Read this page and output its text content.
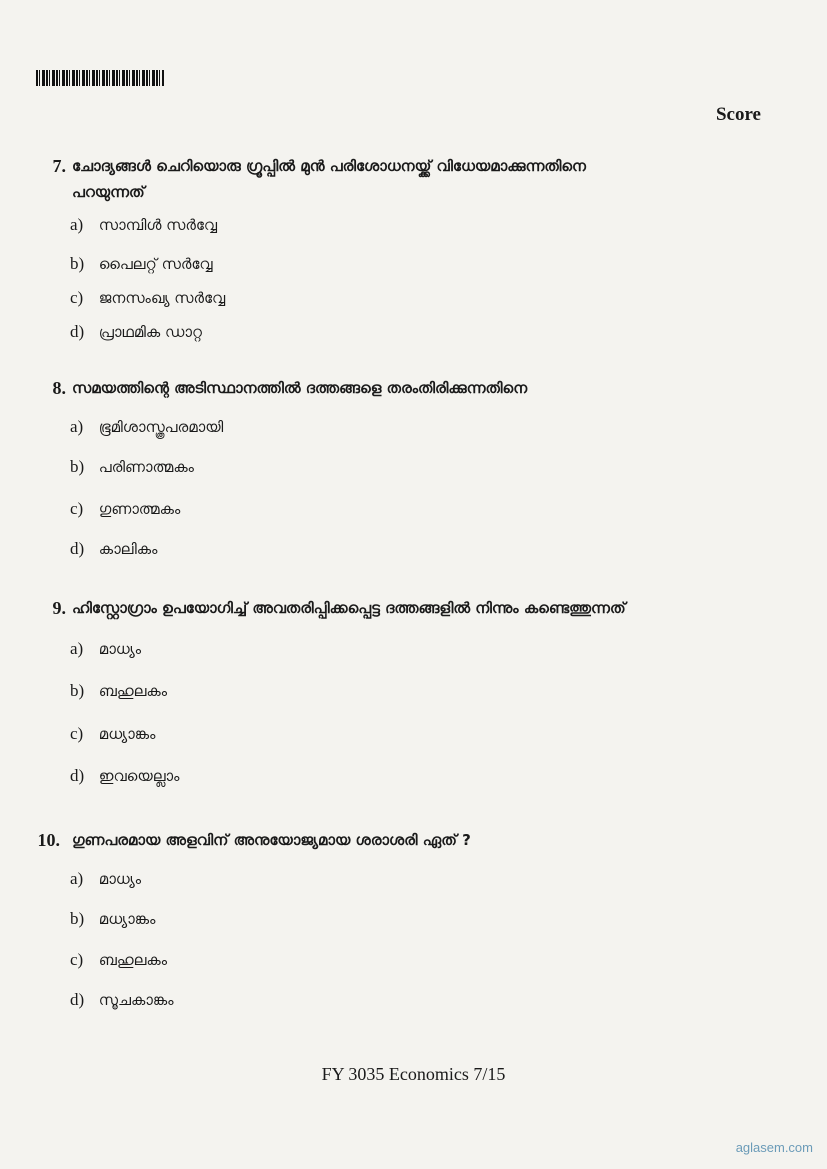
Score
7. ചോദ്യങ്ങൾ ചെറിയൊരു ഗ്രൂപ്പിൽ മുൻ പരിശോധനയ്ക്ക് വിധേയമാക്കുന്നതിനെ
പറയുന്നത്
a) സാമ്പിൾ സർവ്വേ
b) പൈലറ്റ് സർവ്വേ
c) ജനസംഖ്യ സർവ്വേ
d) പ്രാഥമിക ഡാറ്റ
8. സമയത്തിന്റെ അടിസ്ഥാനത്തിൽ ദത്തങ്ങളെ തരംതിരിക്കുന്നതിനെ
a) ഭൂമിശാസ്ത്രപരമായി
b) പരിണാത്മകം
c) ഗുണാത്മകം
d) കാലികം
9. ഹിസ്റ്റോഗ്രാം ഉപയോഗിച്ച് അവതരിപ്പിക്കപ്പെട്ട ദത്തങ്ങളിൽ നിന്നും കണ്ടെത്തുന്നത്
a) മാധ്യം
b) ബഹുലകം
c) മധ്യാങ്കം
d) ഇവയെല്ലാം
10. ഗുണപരമായ അളവിന് അനുയോജ്യമായ ശരാശരി ഏത് ?
a) മാധ്യം
b) മധ്യാങ്കം
c) ബഹുലകം
d) സൂചകാങ്കം
FY 3035 Economics 7/15
aglasem.com
